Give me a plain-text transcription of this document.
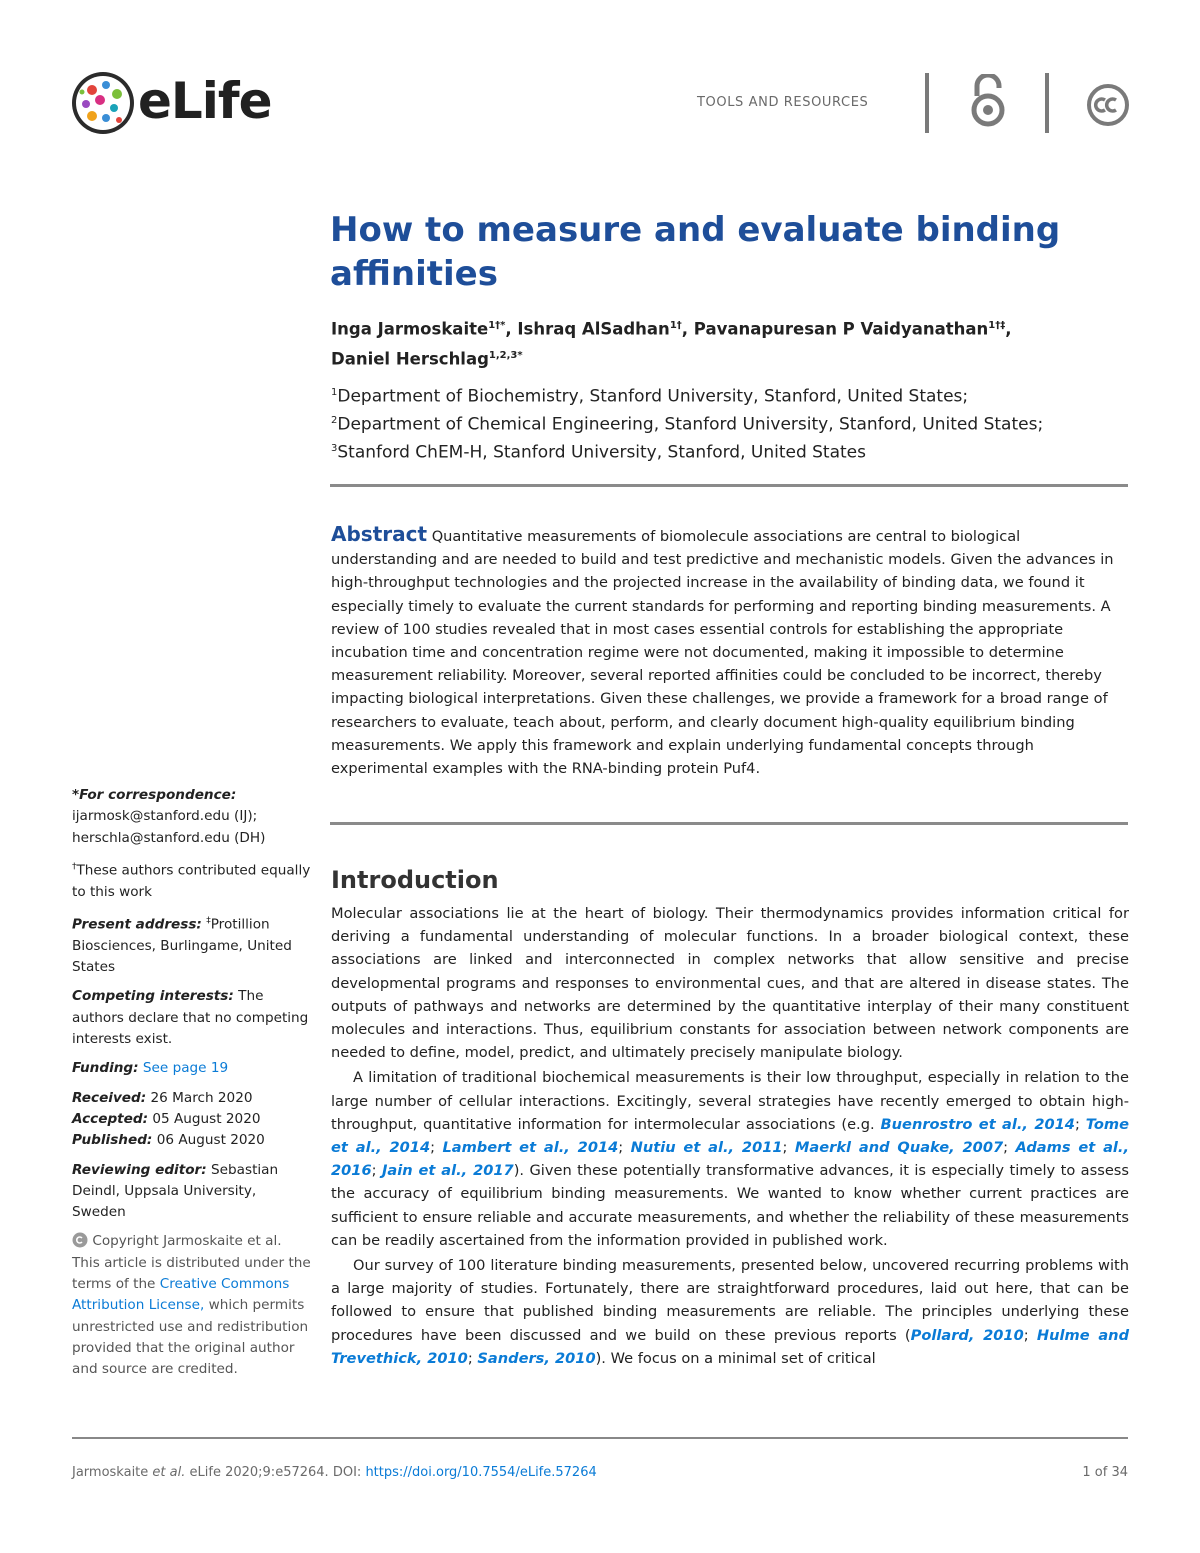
eLife	TOOLS AND RESOURCES
How to measure and evaluate binding affinities
Inga Jarmoskaite$^{1\dagger*}$, Ishraq AlSadhan$^{1\dagger}$, Pavanapuresan P Vaidyanathan$^{1\dagger\ddagger}$,
Daniel Herschlag$^{1,2,3*}$
$^1$Department of Biochemistry, Stanford University, Stanford, United States;
$^2$Department of Chemical Engineering, Stanford University, Stanford, United States;
$^3$Stanford ChEM-H, Stanford University, Stanford, United States
Abstract Quantitative measurements of biomolecule associations are central to biological understanding and are needed to build and test predictive and mechanistic models. Given the advances in high-throughput technologies and the projected increase in the availability of binding data, we found it especially timely to evaluate the current standards for performing and reporting binding measurements. A review of 100 studies revealed that in most cases essential controls for establishing the appropriate incubation time and concentration regime were not documented, making it impossible to determine measurement reliability. Moreover, several reported affinities could be concluded to be incorrect, thereby impacting biological interpretations. Given these challenges, we provide a framework for a broad range of researchers to evaluate, teach about, perform, and clearly document high-quality equilibrium binding measurements. We apply this framework and explain underlying fundamental concepts through experimental examples with the RNA-binding protein Puf4.

*For correspondence:
ijarmosk@stanford.edu (IJ);
herschla@stanford.edu (DH)

†These authors contributed equally to this work

Present address: ‡Protillion Biosciences, Burlingame, United States

Competing interests: The authors declare that no competing interests exist.

Funding: See page 19

Received: 26 March 2020
Accepted: 05 August 2020
Published: 06 August 2020

Reviewing editor: Sebastian Deindl, Uppsala University, Sweden

Copyright Jarmoskaite et al. This article is distributed under the terms of the Creative Commons Attribution License, which permits unrestricted use and redistribution provided that the original author and source are credited.

Introduction

Molecular associations lie at the heart of biology. Their thermodynamics provides information critical for deriving a fundamental understanding of molecular functions. In a broader biological context, these associations are linked and interconnected in complex networks that allow sensitive and precise developmental programs and responses to environmental cues, and that are altered in disease states. The outputs of pathways and networks are determined by the quantitative interplay of their many constituent molecules and interactions. Thus, equilibrium constants for association between network components are needed to define, model, predict, and ultimately precisely manipulate biology.

A limitation of traditional biochemical measurements is their low throughput, especially in relation to the large number of cellular interactions. Excitingly, several strategies have recently emerged to obtain high-throughput, quantitative information for intermolecular associations (e.g. Buenrostro et al., 2014; Tome et al., 2014; Lambert et al., 2014; Nutiu et al., 2011; Maerkl and Quake, 2007; Adams et al., 2016; Jain et al., 2017). Given these potentially transformative advances, it is especially timely to assess the accuracy of equilibrium binding measurements. We wanted to know whether current practices are sufficient to ensure reliable and accurate measurements, and whether the reliability of these measurements can be readily ascertained from the information provided in published work.

Our survey of 100 literature binding measurements, presented below, uncovered recurring problems with a large majority of studies. Fortunately, there are straightforward procedures, laid out here, that can be followed to ensure that published binding measurements are reliable. The principles underlying these procedures have been discussed and we build on these previous reports (Pollard, 2010; Hulme and Trevethick, 2010; Sanders, 2010). We focus on a minimal set of critical

Jarmoskaite et al. eLife 2020;9:e57264. DOI: https://doi.org/10.7554/eLife.57264	1 of 34
